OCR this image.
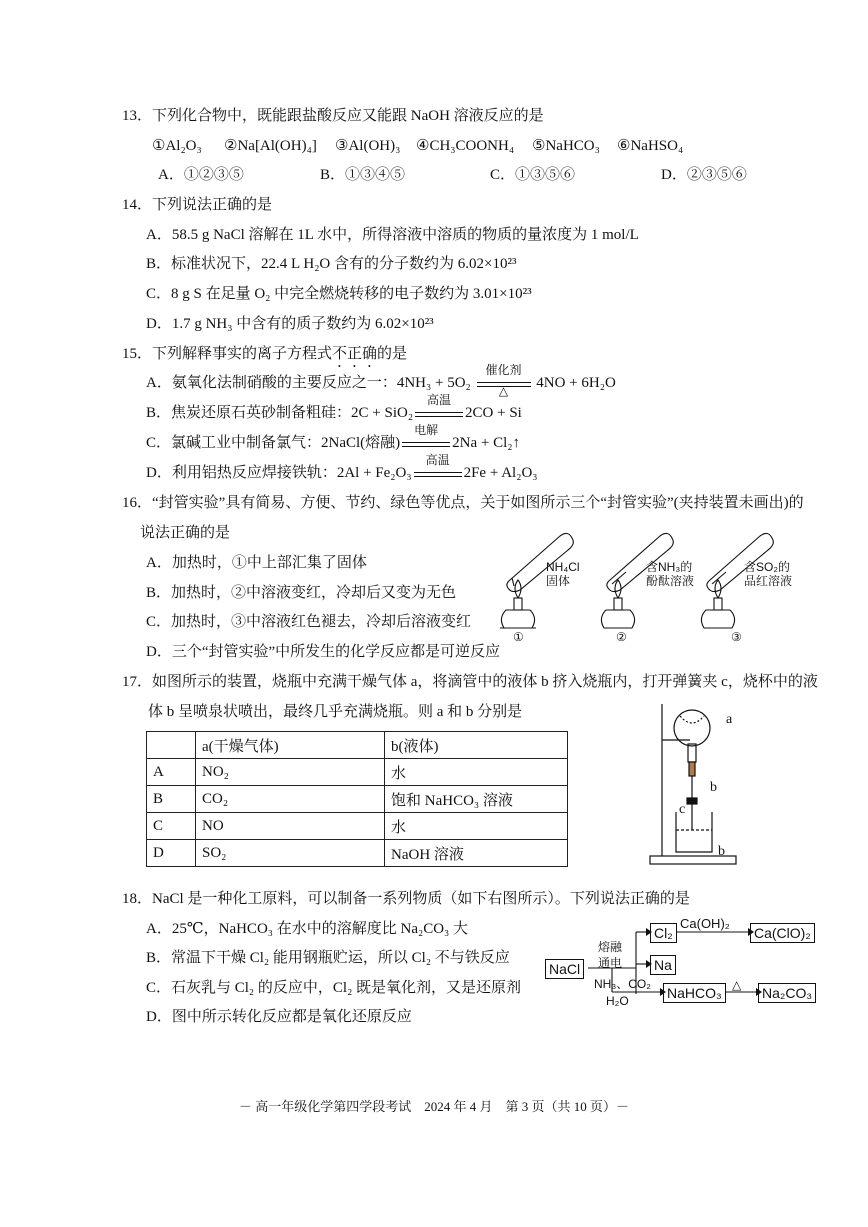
13．下列化合物中，既能跟盐酸反应又能跟 NaOH 溶液反应的是
①Al₂O₃ ②Na[Al(OH)₄] ③Al(OH)₃ ④CH₃COONH₄ ⑤NaHCO₃ ⑥NaHSO₄
A．①②③⑤	B．①③④⑤	C．①③⑤⑥	D．②③⑤⑥
14．下列说法正确的是
A．58.5 g NaCl 溶解在 1L 水中，所得溶液中溶质的物质的量浓度为 1 mol/L
B．标准状况下，22.4 L H₂O 含有的分子数约为 6.02×10²³
C．8 g S 在足量 O₂ 中完全燃烧转移的电子数约为 3.01×10²³
D．1.7 g NH₃ 中含有的质子数约为 6.02×10²³
15．下列解释事实的离子方程式不正确的是
A．氨氧化法制硝酸的主要反应之一：4NH₃ + 5O₂
催化剂
△	4NO + 6H₂O
B．焦炭还原石英砂制备粗硅：2C + SiO₂
高温
2CO + Si
C．氯碱工业中制备氯气：2NaCl(熔融)
电解
2Na + Cl₂↑
D．利用铝热反应焊接铁轨：2Al + Fe₂O₃
高温
2Fe + Al₂O₃
16．“封管实验”具有简易、方便、节约、绿色等优点，关于如图所示三个“封管实验”(夹持装置未画出)的
说法正确的是
A．加热时，①中上部汇集了固体
B．加热时，②中溶液变红，冷却后又变为无色
C．加热时，③中溶液红色褪去，冷却后溶液变红
D．三个“封管实验”中所发生的化学反应都是可逆反应
NH₄Cl
固体
含NH₃的
酚酞溶液
含SO₂的
品红溶液
①	②	③
17．如图所示的装置，烧瓶中充满干燥气体 a，将滴管中的液体 b 挤入烧瓶内，打开弹簧夹 c，烧杯中的液
体 b 呈喷泉状喷出，最终几乎充满烧瓶。则 a 和 b 分别是
	a(干燥气体)	b(液体)
A	NO₂	水
B	CO₂	饱和 NaHCO₃ 溶液
C	NO	水
D	SO₂	NaOH 溶液
a
b
c
b
18．NaCl 是一种化工原料，可以制备一系列物质（如下右图所示）。下列说法正确的是
A．25℃，NaHCO₃ 在水中的溶解度比 Na₂CO₃ 大
B．常温下干燥 Cl₂ 能用钢瓶贮运，所以 Cl₂ 不与铁反应
C．石灰乳与 Cl₂ 的反应中，Cl₂ 既是氧化剂，又是还原剂
D．图中所示转化反应都是氧化还原反应
NaCl
Cl₂	Ca(ClO)₂
Na
NaHCO₃	Na₂CO₃
Ca(OH)₂
熔融
通电
NH₃、CO₂
H₂O
△
－ 高一年级化学第四学段考试　2024 年 4 月　第 3 页（共 10 页）－
